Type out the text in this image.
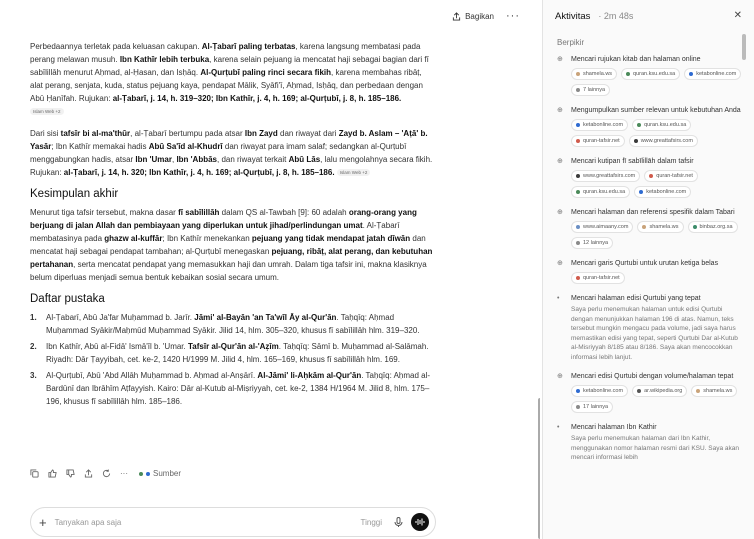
Bagikan ···

Perbedaannya terletak pada keluasan cakupan. Al-Ṭabarī paling terbatas, karena langsung membatasi pada perang melawan musuh. Ibn Kathīr lebih terbuka, karena selain pejuang ia mencatat haji sebagai bagian dari fī sabīlillāh menurut Aḥmad, al-Ḥasan, dan Isḥāq. Al-Qurṭubī paling rinci secara fikih, karena membahas ribāṭ, alat perang, senjata, kuda, status pejuang kaya, pendapat Mālik, Syāfi'ī, Aḥmad, Isḥāq, dan perbedaan dengan Abū Ḥanīfah. Rujukan: al-Ṭabarī, j. 14, h. 319–320; Ibn Kathīr, j. 4, h. 169; al-Qurṭubī, j. 8, h. 185–186. Islam Web +2

Dari sisi tafsīr bi al-ma'thūr, al-Ṭabarī bertumpu pada atsar Ibn Zayd dan riwayat dari Zayd b. Aslam – 'Aṭā' b. Yasār; Ibn Kathīr memakai hadis Abū Sa'īd al-Khudrī dan riwayat para imam salaf; sedangkan al-Qurṭubī menggabungkan hadis, atsar Ibn 'Umar, Ibn 'Abbās, dan riwayat terkait Abū Lās, lalu mengolahnya secara fikih. Rujukan: al-Ṭabarī, j. 14, h. 320; Ibn Kathīr, j. 4, h. 169; al-Qurṭubī, j. 8, h. 185–186. Islam Web +2

Kesimpulan akhir

Menurut tiga tafsir tersebut, makna dasar fī sabīlillāh dalam QS al-Tawbah [9]: 60 adalah orang-orang yang berjuang di jalan Allah dan pembiayaan yang diperlukan untuk jihad/perlindungan umat. Al-Ṭabarī membatasinya pada ghazw al-kuffār; Ibn Kathīr menekankan pejuang yang tidak mendapat jatah dīwān dan mencatat haji sebagai pendapat tambahan; al-Qurṭubī menegaskan pejuang, ribāṭ, alat perang, dan kebutuhan pertahanan, serta mencatat pendapat yang memasukkan haji dan umrah. Dalam tiga tafsir ini, makna klasiknya belum diperluas menjadi semua bentuk kebaikan sosial secara umum.

Daftar pustaka
1. Al-Ṭabarī, Abū Ja'far Muḥammad b. Jarīr. Jāmi' al-Bayān 'an Ta'wīl Āy al-Qur'ān. Taḥqīq: Aḥmad Muḥammad Syākir/Maḥmūd Muḥammad Syākir. Jilid 14, hlm. 305–320, khusus fī sabīlillāh hlm. 319–320.
2. Ibn Kathīr, Abū al-Fidā' Ismā'īl b. 'Umar. Tafsīr al-Qur'ān al-'Aẓīm. Taḥqīq: Sāmī b. Muḥammad al-Salāmah. Riyadh: Dār Ṭayyibah, cet. ke-2, 1420 H/1999 M. Jilid 4, hlm. 165–169, khusus fī sabīlillāh hlm. 169.
3. Al-Qurṭubī, Abū 'Abd Allāh Muḥammad b. Aḥmad al-Anṣārī. Al-Jāmi' li-Aḥkām al-Qur'ān. Taḥqīq: Aḥmad al-Bardūnī dan Ibrāhīm Aṭfayyish. Kairo: Dār al-Kutub al-Miṣriyyah, cet. ke-2, 1384 H/1964 M. Jilid 8, hlm. 175–196, khusus fī sabīlillāh hlm. 185–186.
···	Sumber
+ Tanyakan apa saja	Tinggi
Aktivitas · 2m 48s	✕
Berpikir
⊕	Mencari rujukan kitab dan halaman online
shamela.ws	quran.ksu.edu.sa	ketabonline.com
7 lainnya
⊕	Mengumpulkan sumber relevan untuk kebutuhan Anda
ketabonline.com	quran.ksu.edu.sa
quran-tafsir.net	www.greattafsirs.com
⊕	Mencari kutipan fī sabīlillāh dalam tafsir
www.greattafsirs.com	quran-tafsir.net
quran.ksu.edu.sa	ketabonline.com
⊕	Mencari halaman dan referensi spesifik dalam Tabari
www.aimaany.com	shamela.ws	binbaz.org.sa
12 lainnya
⊕	Mencari garis Qurtubi untuk urutan ketiga belas
quran-tafsir.net
•	Mencari halaman edisi Qurtubi yang tepat
Saya perlu menemukan halaman untuk edisi Qurtubi dengan menunjukkan halaman 196 di atas. Namun, teks tersebut mungkin mengacu pada volume, jadi saya harus memastikan edisi yang tepat, seperti Qurtubi Dar al-Kutub al-Misriyyah 8/185 atau 8/186. Saya akan mencocokkan informasi lebih lanjut.
⊕	Mencari edisi Qurtubi dengan volume/halaman tepat
ketabonline.com	ar.wikipedia.org	shamela.ws
17 lainnya
•	Mencari halaman Ibn Kathir
Saya perlu menemukan halaman dari Ibn Kathir, menggunakan nomor halaman resmi dari KSU. Saya akan mencari informasi lebih
